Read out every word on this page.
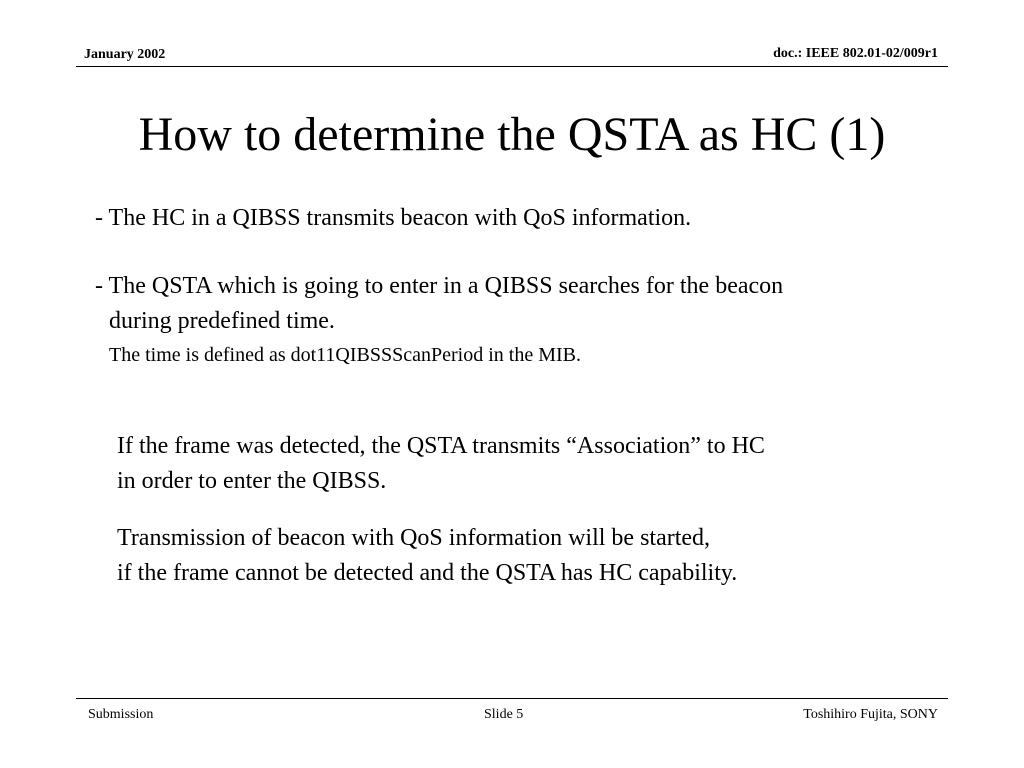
January 2002	doc.: IEEE 802.01-02/009r1
How to determine the QSTA as HC (1)
- The HC in a QIBSS transmits beacon with QoS information.
- The QSTA which is going to enter in a QIBSS searches for the beacon
during predefined time.
The time is defined as dot11QIBSSScanPeriod in the MIB.
If the frame was detected, the QSTA transmits “Association” to HC
in order to enter the QIBSS.
Transmission of beacon with QoS information will be started,
if the frame cannot be detected and the QSTA has HC capability.
Submission	Slide 5	Toshihiro Fujita, SONY
